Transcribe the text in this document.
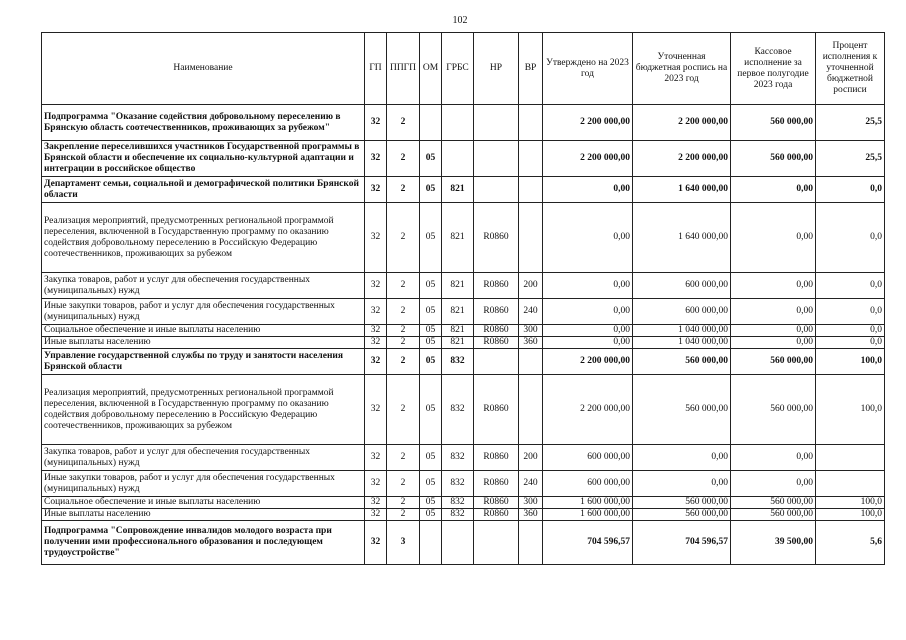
102
Наименование	ГП	ППГП	ОМ	ГРБС	НР	ВР	Утверждено на 2023 год	Уточненная бюджетная роспись на 2023 год	Кассовое исполнение за первое полугодие 2023 года	Процент исполнения к уточненной бюджетной росписи
Подпрограмма "Оказание содействия добровольному переселению в Брянскую область соотечественников, проживающих за рубежом"	32	2					2 200 000,00	2 200 000,00	560 000,00	25,5
Закрепление переселившихся участников Государственной программы в Брянской области и обеспечение их социально-культурной адаптации и интеграции в российское общество	32	2	05				2 200 000,00	2 200 000,00	560 000,00	25,5
Департамент семьи, социальной и демографической политики Брянской области	32	2	05	821			0,00	1 640 000,00	0,00	0,0
Реализация мероприятий, предусмотренных региональной программой переселения, включенной в Государственную программу по оказанию содействия добровольному переселению в Российскую Федерацию соотечественников, проживающих за рубежом	32	2	05	821	R0860		0,00	1 640 000,00	0,00	0,0
Закупка товаров, работ и услуг для обеспечения государственных (муниципальных) нужд	32	2	05	821	R0860	200	0,00	600 000,00	0,00	0,0
Иные закупки товаров, работ и услуг для обеспечения государственных (муниципальных) нужд	32	2	05	821	R0860	240	0,00	600 000,00	0,00	0,0
Социальное обеспечение и иные выплаты населению	32	2	05	821	R0860	300	0,00	1 040 000,00	0,00	0,0
Иные выплаты населению	32	2	05	821	R0860	360	0,00	1 040 000,00	0,00	0,0
Управление государственной службы по труду и занятости населения Брянской области	32	2	05	832			2 200 000,00	560 000,00	560 000,00	100,0
Реализация мероприятий, предусмотренных региональной программой переселения, включенной в Государственную программу по оказанию содействия добровольному переселению в Российскую Федерацию соотечественников, проживающих за рубежом	32	2	05	832	R0860		2 200 000,00	560 000,00	560 000,00	100,0
Закупка товаров, работ и услуг для обеспечения государственных (муниципальных) нужд	32	2	05	832	R0860	200	600 000,00	0,00	0,00	
Иные закупки товаров, работ и услуг для обеспечения государственных (муниципальных) нужд	32	2	05	832	R0860	240	600 000,00	0,00	0,00	
Социальное обеспечение и иные выплаты населению	32	2	05	832	R0860	300	1 600 000,00	560 000,00	560 000,00	100,0
Иные выплаты населению	32	2	05	832	R0860	360	1 600 000,00	560 000,00	560 000,00	100,0
Подпрограмма "Сопровождение инвалидов молодого возраста при получении ими профессионального образования и последующем трудоустройстве"	32	3					704 596,57	704 596,57	39 500,00	5,6
